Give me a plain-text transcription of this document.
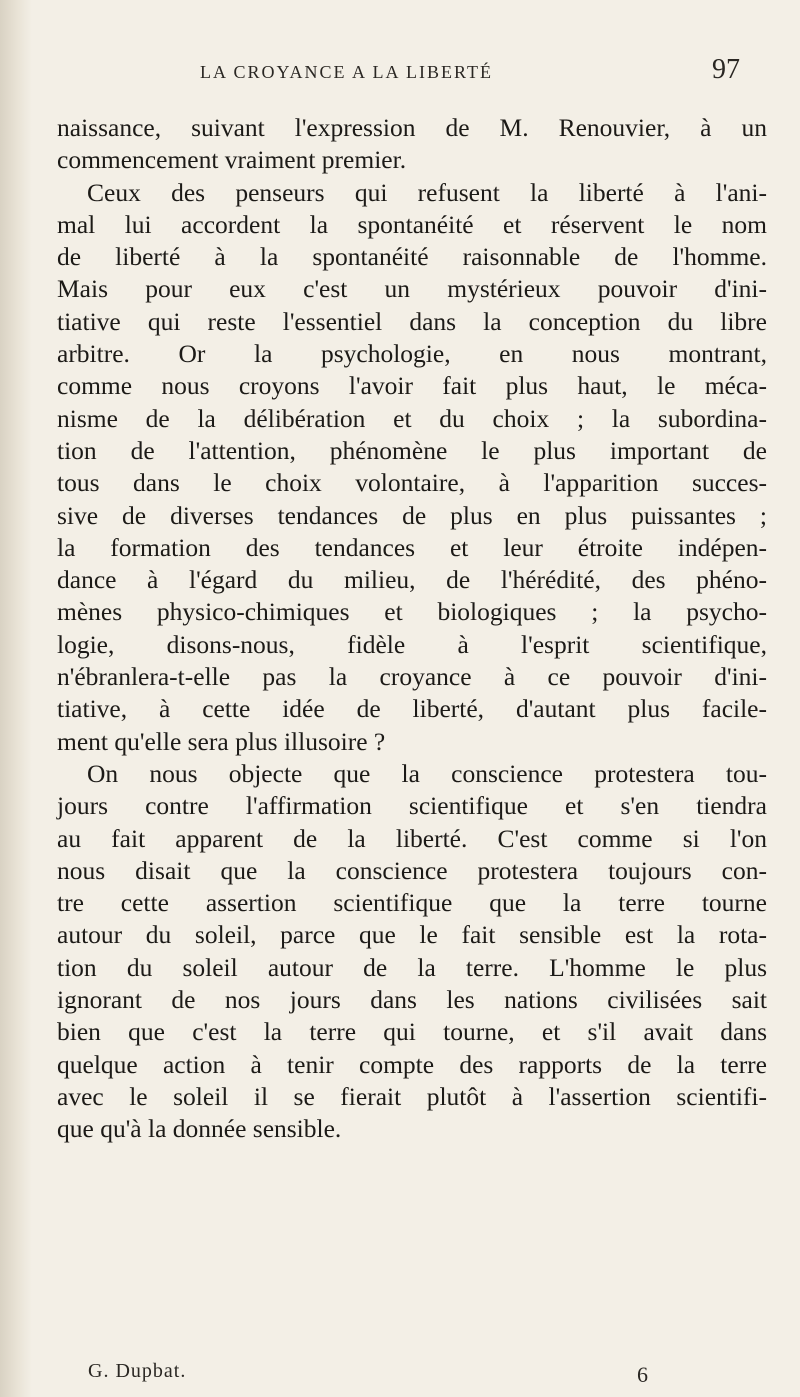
LA CROYANCE A LA LIBERTÉ	97
naissance, suivant l'expression de M. Renouvier, à un
commencement vraiment premier.
Ceux des penseurs qui refusent la liberté à l'ani-
mal lui accordent la spontanéité et réservent le nom
de liberté à la spontanéité raisonnable de l'homme.
Mais pour eux c'est un mystérieux pouvoir d'ini-
tiative qui reste l'essentiel dans la conception du libre
arbitre. Or la psychologie, en nous montrant,
comme nous croyons l'avoir fait plus haut, le méca-
nisme de la délibération et du choix ; la subordina-
tion de l'attention, phénomène le plus important de
tous dans le choix volontaire, à l'apparition succes-
sive de diverses tendances de plus en plus puissantes ;
la formation des tendances et leur étroite indépen-
dance à l'égard du milieu, de l'hérédité, des phéno-
mènes physico-chimiques et biologiques ; la psycho-
logie, disons-nous, fidèle à l'esprit scientifique,
n'ébranlera-t-elle pas la croyance à ce pouvoir d'ini-
tiative, à cette idée de liberté, d'autant plus facile-
ment qu'elle sera plus illusoire ?
On nous objecte que la conscience protestera tou-
jours contre l'affirmation scientifique et s'en tiendra
au fait apparent de la liberté. C'est comme si l'on
nous disait que la conscience protestera toujours con-
tre cette assertion scientifique que la terre tourne
autour du soleil, parce que le fait sensible est la rota-
tion du soleil autour de la terre. L'homme le plus
ignorant de nos jours dans les nations civilisées sait
bien que c'est la terre qui tourne, et s'il avait dans
quelque action à tenir compte des rapports de la terre
avec le soleil il se fierait plutôt à l'assertion scientifi-
que qu'à la donnée sensible.
G. Dupbat.	6
